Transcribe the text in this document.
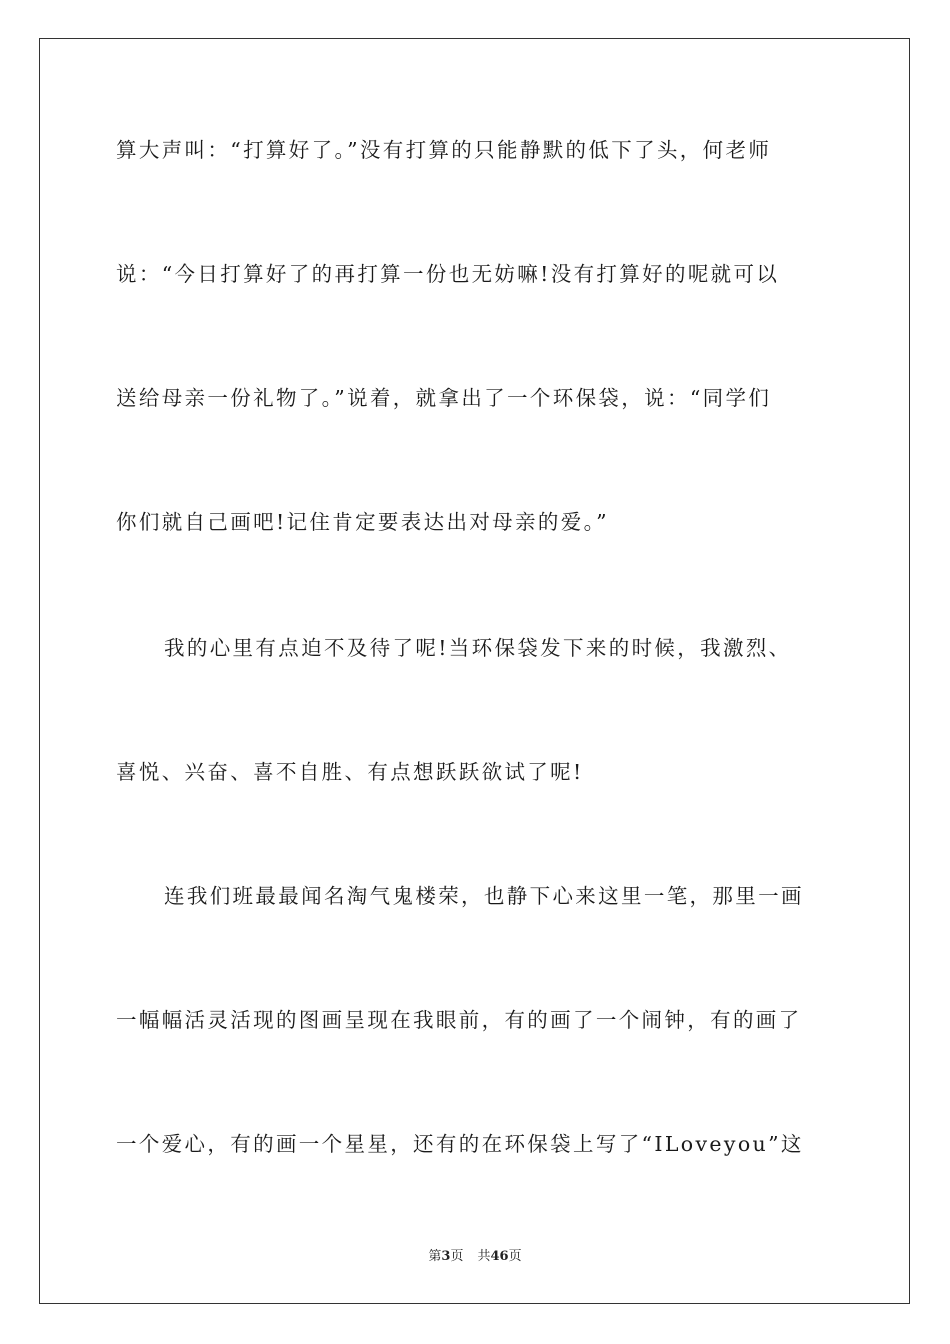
算大声叫：“打算好了。”没有打算的只能静默的低下了头，何老师
说：“今日打算好了的再打算一份也无妨嘛!没有打算好的呢就可以
送给母亲一份礼物了。”说着，就拿出了一个环保袋，说：“同学们
你们就自己画吧!记住肯定要表达出对母亲的爱。”
我的心里有点迫不及待了呢!当环保袋发下来的时候，我激烈、
喜悦、兴奋、喜不自胜、有点想跃跃欲试了呢!
连我们班最最闻名淘气鬼楼荣，也静下心来这里一笔，那里一画
一幅幅活灵活现的图画呈现在我眼前，有的画了一个闹钟，有的画了
一个爱心，有的画一个星星，还有的在环保袋上写了“ILoveyou”这
第3页 共46页
